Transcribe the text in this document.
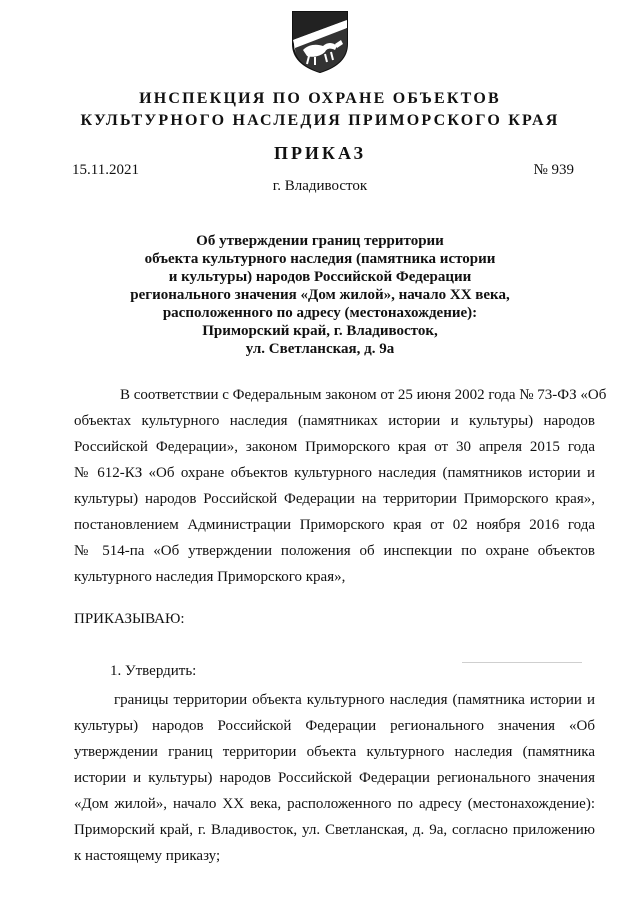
ИНСПЕКЦИЯ ПО ОХРАНЕ ОБЪЕКТОВ
КУЛЬТУРНОГО НАСЛЕДИЯ ПРИМОРСКОГО КРАЯ
ПРИКАЗ
15.11.2021	№ 939
г. Владивосток
Об утверждении границ территории
объекта культурного наследия (памятника истории
и культуры) народов Российской Федерации
регионального значения «Дом жилой», начало XX века,
расположенного по адресу (местонахождение):
Приморский край, г. Владивосток,
ул. Светланская, д. 9а
В соответствии с Федеральным законом от 25 июня 2002 года № 73-ФЗ «Об
объектах культурного наследия (памятниках истории и культуры) народов
Российской Федерации», законом Приморского края от 30 апреля 2015 года
№ 612-КЗ «Об охране объектов культурного наследия (памятников истории и
культуры) народов Российской Федерации на территории Приморского края»,
постановлением Администрации Приморского края от 02 ноября 2016 года
№ 514-па «Об утверждении положения об инспекции по охране объектов
культурного наследия Приморского края»,
ПРИКАЗЫВАЮ:
1. Утвердить:
границы территории объекта культурного наследия (памятника истории и
культуры) народов Российской Федерации регионального значения «Об
утверждении границ территории объекта культурного наследия (памятника
истории и культуры) народов Российской Федерации регионального значения
«Дом жилой», начало XX века, расположенного по адресу (местонахождение):
Приморский край, г. Владивосток, ул. Светланская, д. 9а, согласно приложению
к настоящему приказу;
